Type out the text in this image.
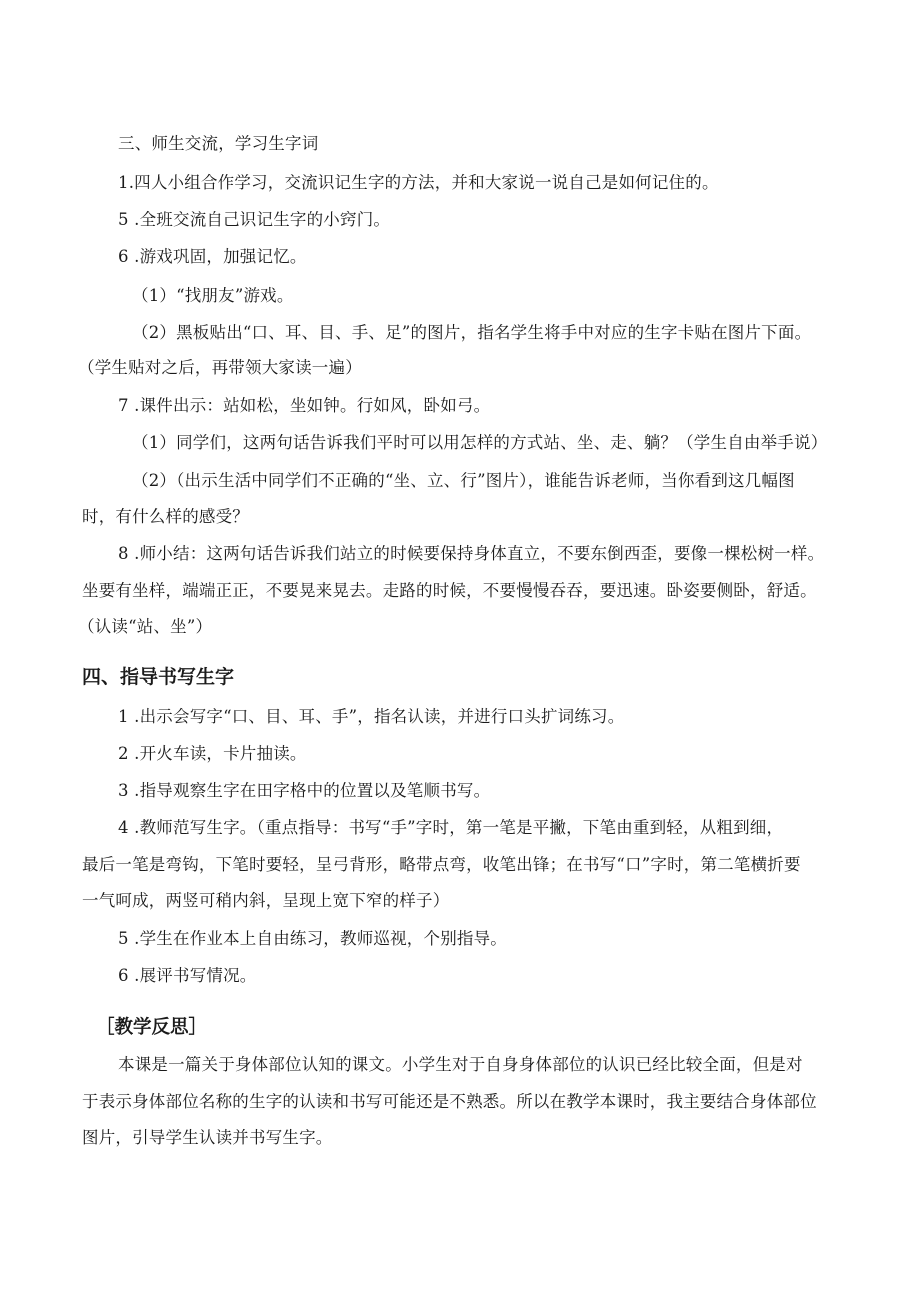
三、师生交流，学习生字词

1.四人小组合作学习，交流识记生字的方法，并和大家说一说自己是如何记住的。

5 .全班交流自己识记生字的小窍门。

6 .游戏巩固，加强记忆。

（1）“找朋友”游戏。

（2）黑板贴出“口、耳、目、手、足”的图片，指名学生将手中对应的生字卡贴在图片下面。

（学生贴对之后，再带领大家读一遍）

7 .课件出示：站如松，坐如钟。行如风，卧如弓。

（1）同学们，这两句话告诉我们平时可以用怎样的方式站、坐、走、躺？（学生自由举手说）

（2）（出示生活中同学们不正确的“坐、立、行”图片），谁能告诉老师，当你看到这几幅图

时，有什么样的感受？

8 .师小结：这两句话告诉我们站立的时候要保持身体直立，不要东倒西歪，要像一棵松树一样。

坐要有坐样，端端正正，不要晃来晃去。走路的时候，不要慢慢吞吞，要迅速。卧姿要侧卧，舒适。

（认读“站、坐”）

四、指导书写生字

1 .出示会写字“口、目、耳、手”，指名认读，并进行口头扩词练习。

2 .开火车读，卡片抽读。

3 .指导观察生字在田字格中的位置以及笔顺书写。

4 .教师范写生字。（重点指导：书写“手”字时，第一笔是平撇，下笔由重到轻，从粗到细，

最后一笔是弯钩，下笔时要轻，呈弓背形，略带点弯，收笔出锋；在书写“口”字时，第二笔横折要

一气呵成，两竖可稍内斜，呈现上宽下窄的样子）

5 .学生在作业本上自由练习，教师巡视，个别指导。

6 .展评书写情况。

［教学反思］

本课是一篇关于身体部位认知的课文。小学生对于自身身体部位的认识已经比较全面，但是对

于表示身体部位名称的生字的认读和书写可能还是不熟悉。所以在教学本课时，我主要结合身体部位

图片，引导学生认读并书写生字。
